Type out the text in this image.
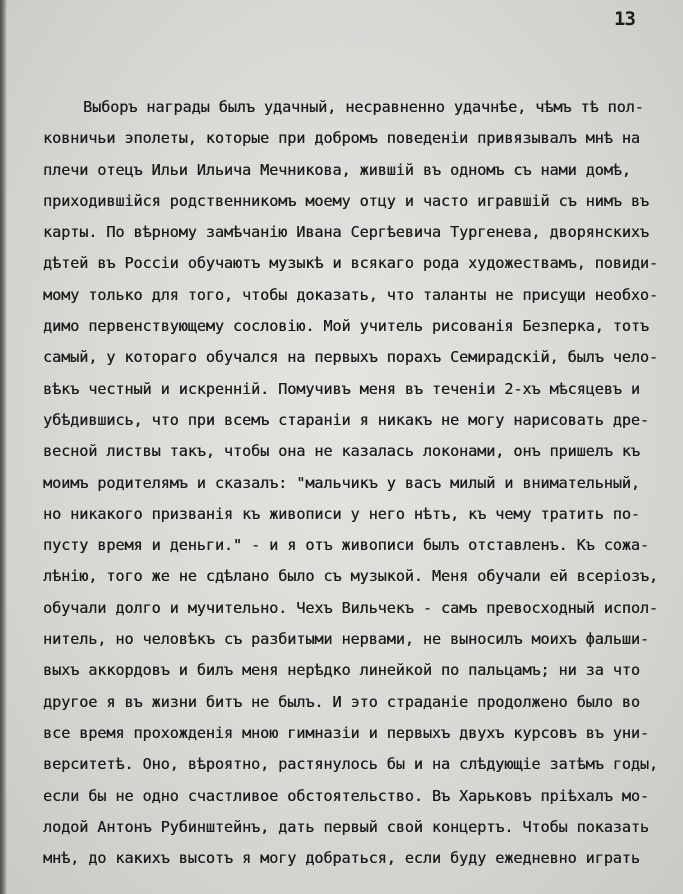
13
Выборъ награды былъ удачный, несравненно удачнѣе, чѣмъ тѣ пол-
ковничьи эполеты, которые при добромъ поведенiи привязывалъ мнѣ на
плечи отецъ Ильи Ильича Мечникова, жившiй въ одномъ съ нами домѣ,
приходившiйся родственникомъ моему отцу и часто игравшiй съ нимъ въ
карты. По вѣрному замѣчанiю Ивана Сергѣевича Тургенева, дворянскихъ
дѣтей въ Россiи обучаютъ музыкѣ и всякаго рода художествамъ, повиди-
мому только для того, чтобы доказать, что таланты не присущи необхо-
димо первенствующему сословiю. Мой учитель рисованiя Безперка, тотъ
самый, у котораго обучался на первыхъ порахъ Семирадскiй, былъ чело-
вѣкъ честный и искреннiй. Помучивъ меня въ теченiи 2-хъ мѣсяцевъ и
убѣдившись, что при всемъ старанiи я никакъ не могу нарисовать дре-
весной листвы такъ, чтобы она не казалась локонами, онъ пришелъ къ
моимъ родителямъ и сказалъ: "мальчикъ у васъ милый и внимательный,
но никакого призванiя къ живописи у него нѣтъ, къ чему тратить по-
пусту время и деньги." - и я отъ живописи былъ отставленъ. Къ сожа-
лѣнiю, того же не сдѣлано было съ музыкой. Меня обучали ей всерiозъ,
обучали долго и мучительно. Чехъ Вильчекъ - самъ превосходный испол-
нитель, но человѣкъ съ разбитыми нервами, не выносилъ моихъ фальши-
выхъ аккордовъ и билъ меня нерѣдко линейкой по пальцамъ; ни за что
другое я въ жизни битъ не былъ. И это страданiе продолжено было во
все время прохожденiя мною гимназiи и первыхъ двухъ курсовъ въ уни-
верситетѣ. Оно, вѣроятно, растянулось бы и на слѣдующiе затѣмъ годы,
если бы не одно счастливое обстоятельство. Въ Харьковъ прiѣхалъ мо-
лодой Антонъ Рубинштейнъ, дать первый свой концертъ. Чтобы показать
мнѣ, до какихъ высотъ я могу добраться, если буду ежедневно играть
